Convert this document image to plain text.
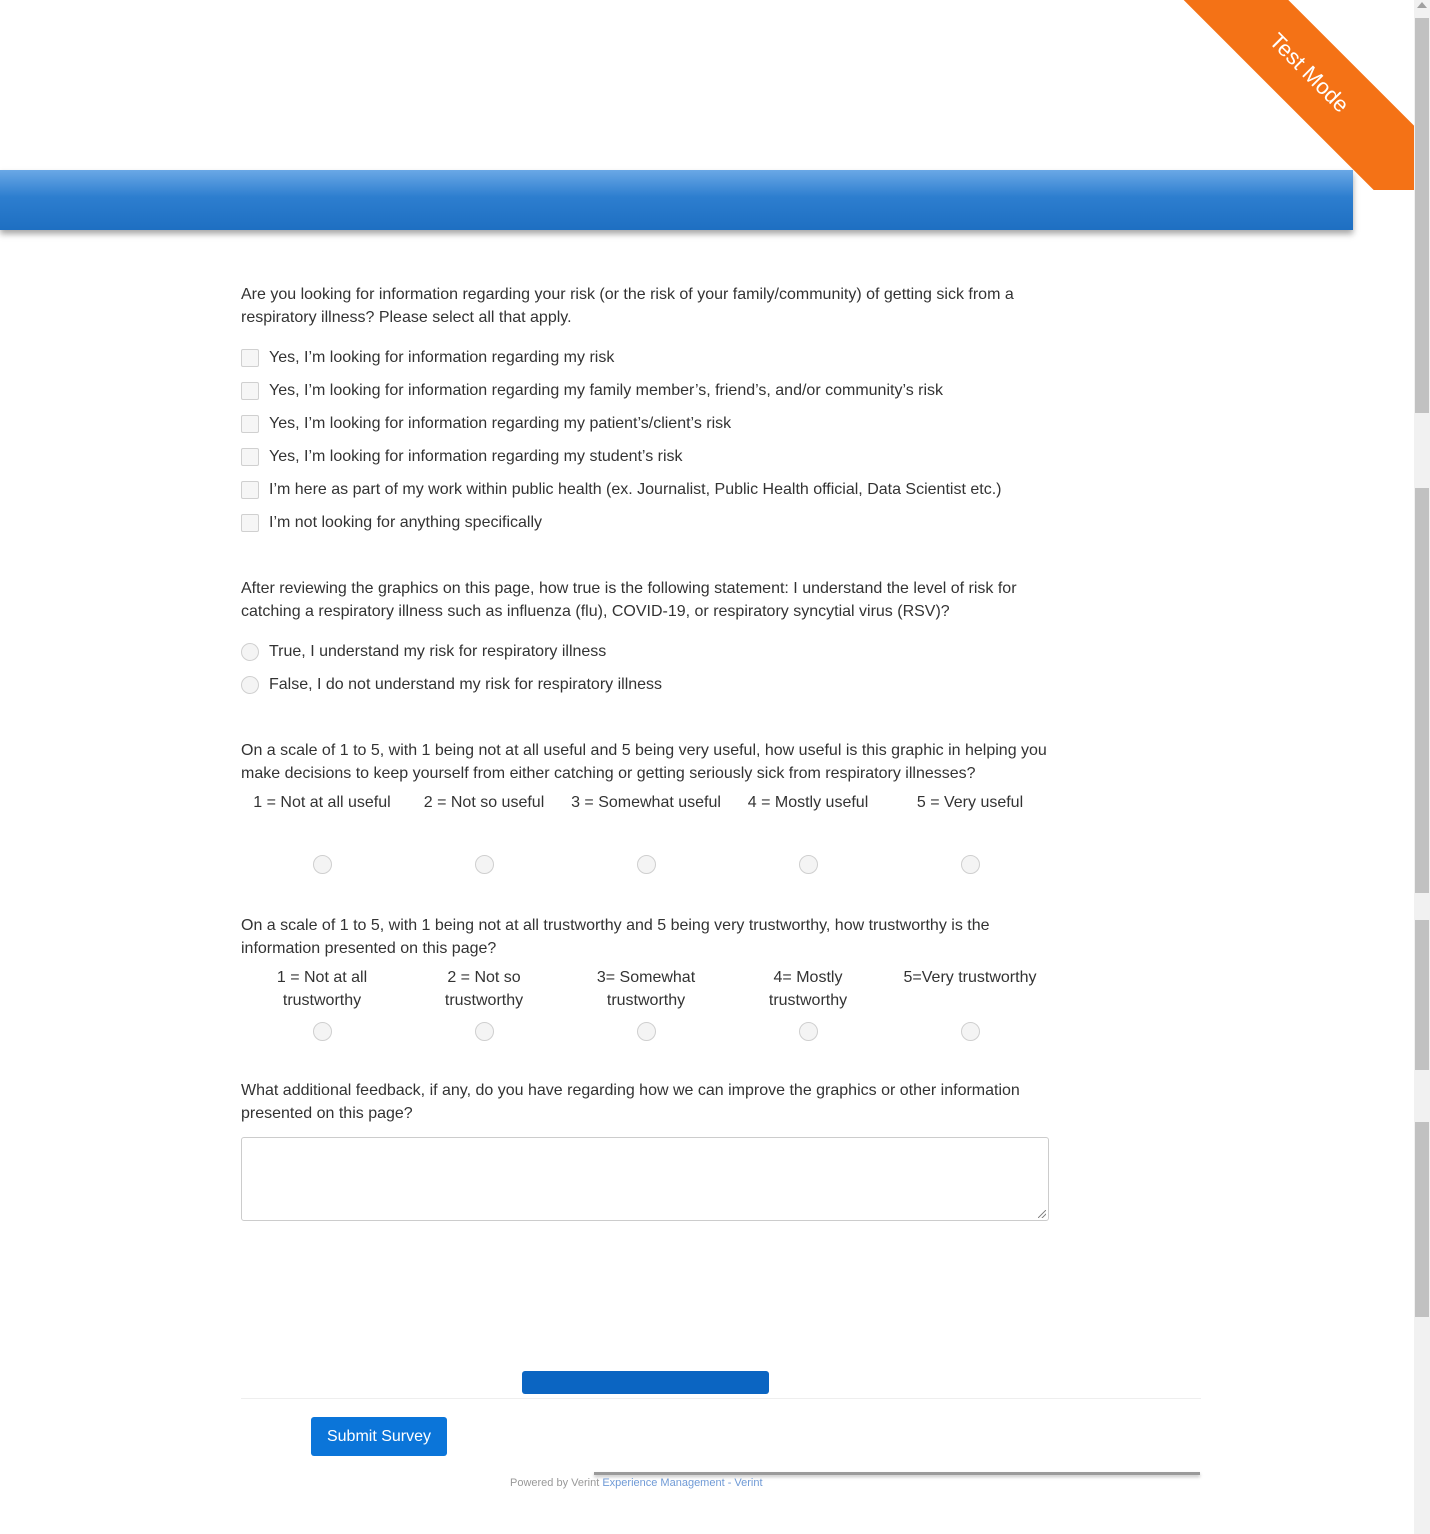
Test Mode

Are you looking for information regarding your risk (or the risk of your family/community) of getting sick from a respiratory illness? Please select all that apply.

Yes, I’m looking for information regarding my risk
Yes, I’m looking for information regarding my family member’s, friend’s, and/or community’s risk
Yes, I’m looking for information regarding my patient’s/client’s risk
Yes, I’m looking for information regarding my student’s risk
I’m here as part of my work within public health (ex. Journalist, Public Health official, Data Scientist etc.)
I’m not looking for anything specifically

After reviewing the graphics on this page, how true is the following statement: I understand the level of risk for catching a respiratory illness such as influenza (flu), COVID-19, or respiratory syncytial virus (RSV)?

True, I understand my risk for respiratory illness
False, I do not understand my risk for respiratory illness

On a scale of 1 to 5, with 1 being not at all useful and 5 being very useful, how useful is this graphic in helping you make decisions to keep yourself from either catching or getting seriously sick from respiratory illnesses?

1 = Not at all useful	2 = Not so useful	3 = Somewhat useful	4 = Mostly useful	5 = Very useful

On a scale of 1 to 5, with 1 being not at all trustworthy and 5 being very trustworthy, how trustworthy is the information presented on this page?

1 = Not at all trustworthy
2 = Not so trustworthy
3= Somewhat trustworthy
4= Mostly trustworthy
5=Very trustworthy

What additional feedback, if any, do you have regarding how we can improve the graphics or other information presented on this page?

Submit Survey
Powered by Verint Experience Management - Verint
